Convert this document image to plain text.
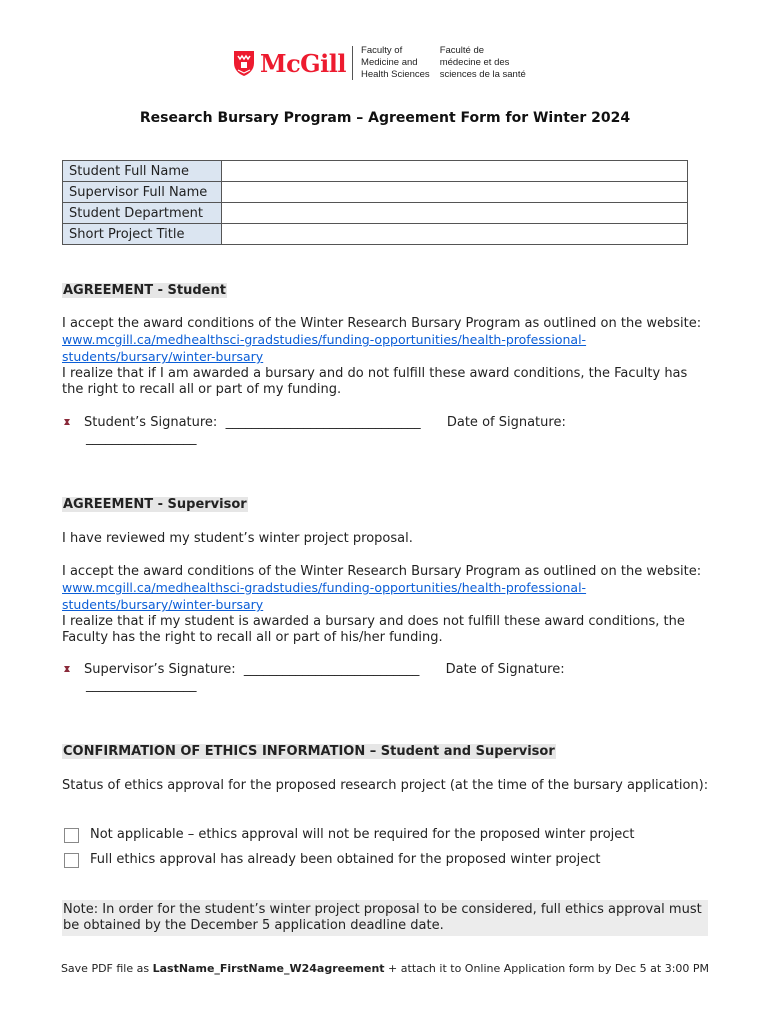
McGill Faculty of
Medicine and
Health Sciences
Faculté de
médecine et des
sciences de la santé
Research Bursary Program – Agreement Form for Winter 2024
Student Full Name	
Supervisor Full Name	
Student Department	
Short Project Title	
AGREEMENT - Student
I accept the award conditions of the Winter Research Bursary Program as outlined on the website: www.mcgill.ca/medhealthsci-gradstudies/funding-opportunities/health-professional-students/bursary/winter-bursary
I realize that if I am awarded a bursary and do not fulfill these award conditions, the Faculty has the right to recall all or part of my funding.
Student’s Signature: ______________________________ Date of Signature:
_________________
AGREEMENT - Supervisor
I have reviewed my student’s winter project proposal.
I accept the award conditions of the Winter Research Bursary Program as outlined on the website: www.mcgill.ca/medhealthsci-gradstudies/funding-opportunities/health-professional-students/bursary/winter-bursary
I realize that if my student is awarded a bursary and does not fulfill these award conditions, the Faculty has the right to recall all or part of his/her funding.
Supervisor’s Signature: ___________________________ Date of Signature:
_________________
CONFIRMATION OF ETHICS INFORMATION – Student and Supervisor
Status of ethics approval for the proposed research project (at the time of the bursary application):
Not applicable – ethics approval will not be required for the proposed winter project
Full ethics approval has already been obtained for the proposed winter project
Note: In order for the student’s winter project proposal to be considered, full ethics approval must be obtained by the December 5 application deadline date.
Save PDF file as LastName_FirstName_W24agreement + attach it to Online Application form by Dec 5 at 3:00 PM
